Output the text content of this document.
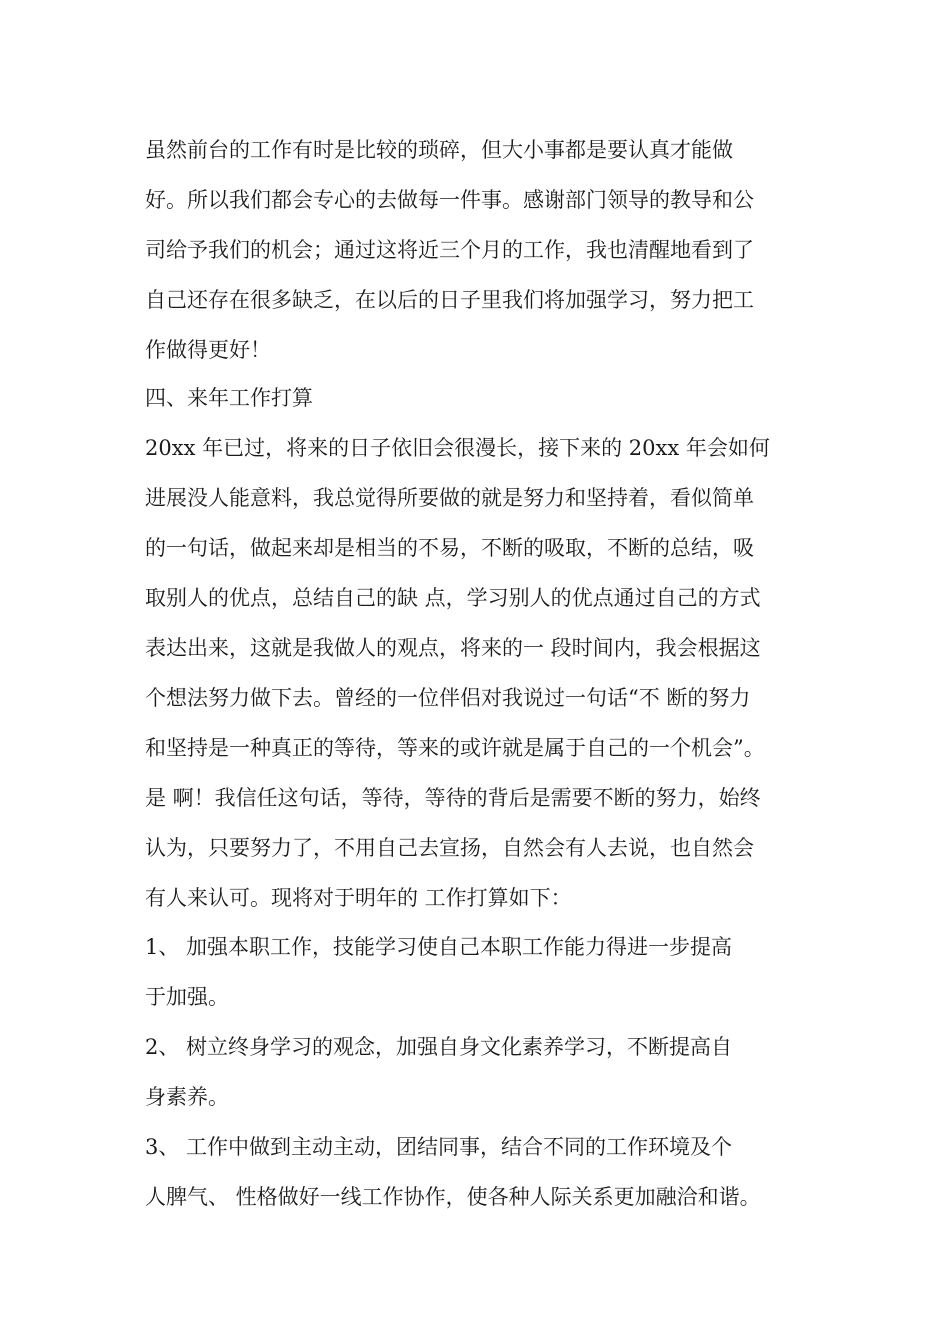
虽然前台的工作有时是比较的琐碎，但大小事都是要认真才能做
好。所以我们都会专心的去做每一件事。感谢部门领导的教导和公
司给予我们的机会；通过这将近三个月的工作，我也清醒地看到了
自己还存在很多缺乏，在以后的日子里我们将加强学习，努力把工
作做得更好！
四、来年工作打算
20xx 年已过，将来的日子依旧会很漫长，接下来的 20xx 年会如何
进展没人能意料，我总觉得所要做的就是努力和坚持着，看似简单
的一句话，做起来却是相当的不易，不断的吸取，不断的总结，吸
取别人的优点，总结自己的缺 点，学习别人的优点通过自己的方式
表达出来，这就是我做人的观点，将来的一 段时间内，我会根据这
个想法努力做下去。曾经的一位伴侣对我说过一句话“不 断的努力
和坚持是一种真正的等待，等来的或许就是属于自己的一个机会”。
是 啊！我信任这句话，等待，等待的背后是需要不断的努力，始终
认为，只要努力了，不用自己去宣扬，自然会有人去说，也自然会
有人来认可。现将对于明年的 工作打算如下：
1、 加强本职工作，技能学习使自己本职工作能力得进一步提高
于加强。
2、 树立终身学习的观念，加强自身文化素养学习，不断提高自
身素养。
3、 工作中做到主动主动，团结同事，结合不同的工作环境及个
人脾气、 性格做好一线工作协作，使各种人际关系更加融洽和谐。
